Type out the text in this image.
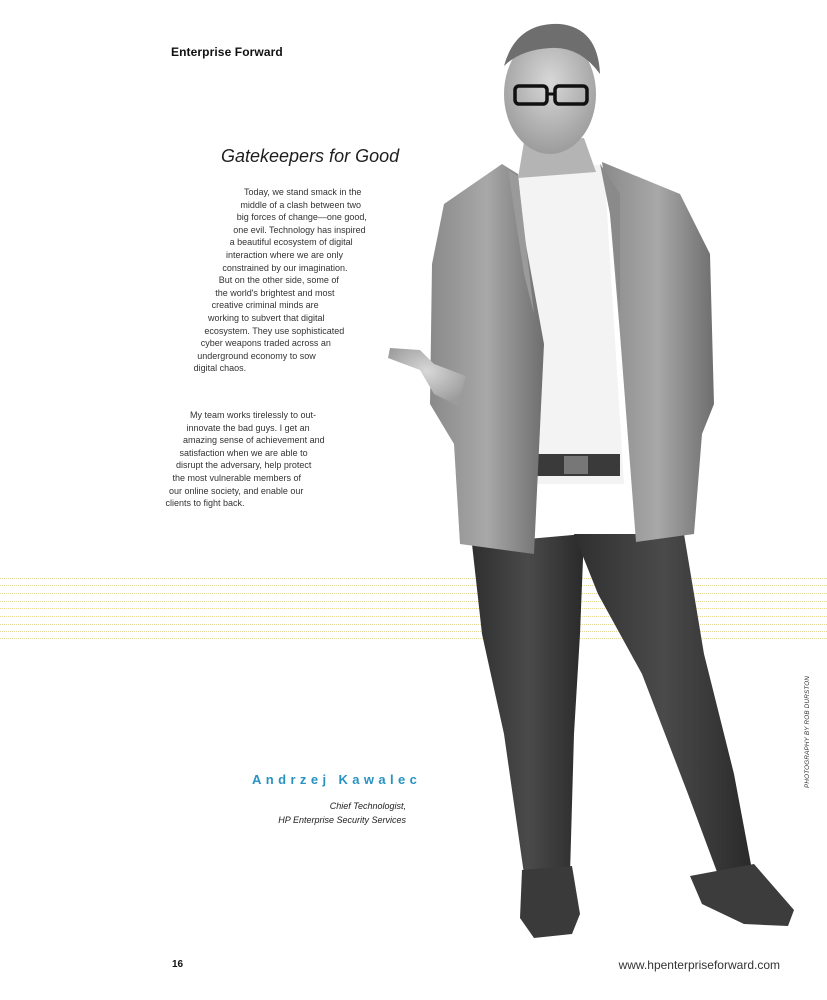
Enterprise Forward
Gatekeepers for Good
Today, we stand smack in the
middle of a clash between two
big forces of change—one good,
one evil. Technology has inspired
a beautiful ecosystem of digital
interaction where we are only
constrained by our imagination.
But on the other side, some of
the world's brightest and most
creative criminal minds are
working to subvert that digital
ecosystem. They use sophisticated
cyber weapons traded across an
underground economy to sow
digital chaos.
My team works tirelessly to out-
innovate the bad guys. I get an
amazing sense of achievement and
satisfaction when we are able to
disrupt the adversary, help protect
the most vulnerable members of
our online society, and enable our
clients to fight back.
Andrzej Kawalec
Chief Technologist,
HP Enterprise Security Services
PHOTOGRAPHY BY ROB DURSTON
16	www.hpenterpriseforward.com
